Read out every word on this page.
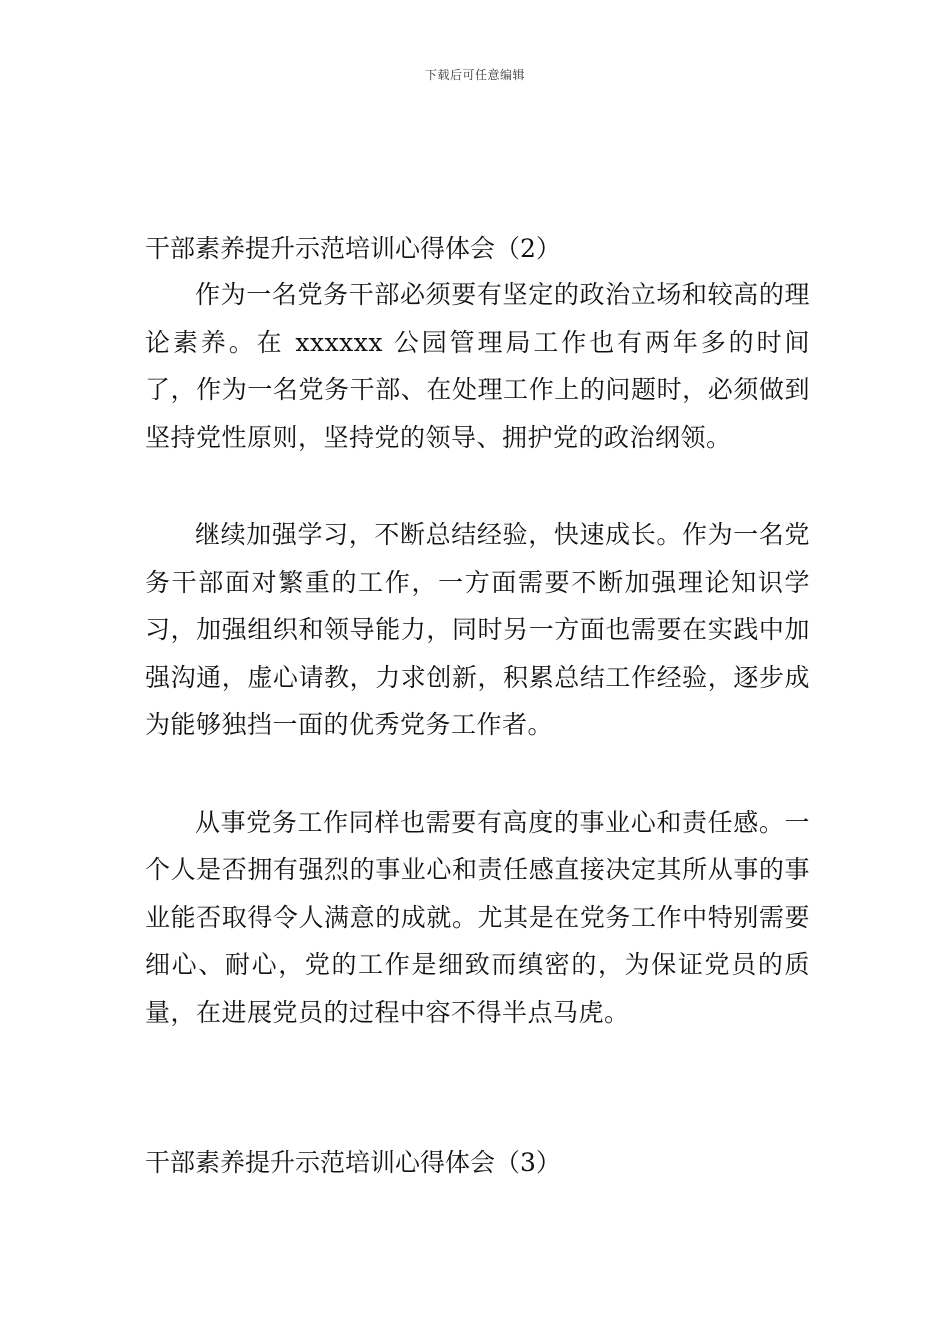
下载后可任意编辑
干部素养提升示范培训心得体会（2）

作为一名党务干部必须要有坚定的政治立场和较高的理论素养。在 xxxxxx 公园管理局工作也有两年多的时间了，作为一名党务干部、在处理工作上的问题时，必须做到坚持党性原则，坚持党的领导、拥护党的政治纲领。

继续加强学习，不断总结经验，快速成长。作为一名党务干部面对繁重的工作，一方面需要不断加强理论知识学习，加强组织和领导能力，同时另一方面也需要在实践中加强沟通，虚心请教，力求创新，积累总结工作经验，逐步成为能够独挡一面的优秀党务工作者。

从事党务工作同样也需要有高度的事业心和责任感。一个人是否拥有强烈的事业心和责任感直接决定其所从事的事业能否取得令人满意的成就。尤其是在党务工作中特别需要细心、耐心，党的工作是细致而缜密的，为保证党员的质量，在进展党员的过程中容不得半点马虎。

干部素养提升示范培训心得体会（3）
